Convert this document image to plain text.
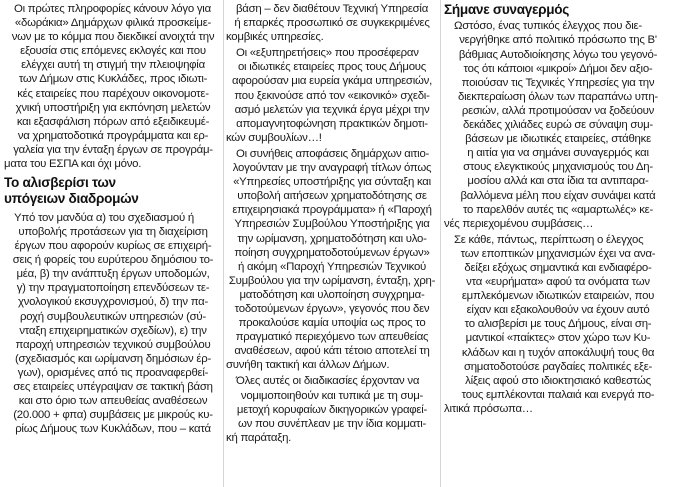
Οι πρώτες πληροφορίες κάνουν λόγο για
«δωράκια» Δημάρχων φιλικά προσκείμε-
νων με το κόμμα που διεκδικεί ανοιχτά την
εξουσία στις επόμενες εκλογές και που
ελέγχει αυτή τη στιγμή την πλειοψηφία
των Δήμων στις Κυκλάδες, προς ιδιωτι-
κές εταιρείες που παρέχουν οικονομοτε-
χνική υποστήριξη για εκπόνηση μελετών
και εξασφάλιση πόρων από εξειδικευμέ-
να χρηματοδοτικά προγράμματα και ερ-
γαλεία για την ένταξη έργων σε προγράμ-
ματα του ΕΣΠΑ και όχι μόνο.
Το αλισβερίσι των
υπόγειων διαδρομών
Υπό τον μανδύα α) του σχεδιασμού ή
υποβολής προτάσεων για τη διαχείριση
έργων που αφορούν κυρίως σε επιχειρή-
σεις ή φορείς του ευρύτερου δημόσιου το-
μέα, β) την ανάπτυξη έργων υποδομών,
γ) την πραγματοποίηση επενδύσεων τε-
χνολογικού εκσυγχρονισμού, δ) την πα-
ροχή συμβουλευτικών υπηρεσιών (σύ-
νταξη επιχειρηματικών σχεδίων), ε) την
παροχή υπηρεσιών τεχνικού συμβούλου
(σχεδιασμός και ωρίμανση δημόσιων έρ-
γων), ορισμένες από τις προαναφερθεί-
σες εταιρείες υπέγραψαν σε τακτική βάση
και στο όριο των απευθείας αναθέσεων
(20.000 + φπα) συμβάσεις με μικρούς κυ-
ρίως Δήμους των Κυκλάδων, που – κατά
βάση – δεν διαθέτουν Τεχνική Υπηρεσία
ή επαρκές προσωπικό σε συγκεκριμένες
κομβικές υπηρεσίες.
Οι «εξυπηρετήσεις» που προσέφεραν
οι ιδιωτικές εταιρείες προς τους Δήμους
αφορούσαν μια ευρεία γκάμα υπηρεσιών,
που ξεκινούσε από τον «εικονικό» σχεδι-
ασμό μελετών για τεχνικά έργα μέχρι την
απομαγνητοφώνηση πρακτικών δημοτι-
κών συμβουλίων…!
Οι συνήθεις αποφάσεις δημάρχων αιτιο-
λογούνταν με την αναγραφή τίτλων όπως
«Υπηρεσίες υποστήριξης για σύνταξη και
υποβολή αιτήσεων χρηματοδότησης σε
επιχειρησιακά προγράμματα» ή «Παροχή
Υπηρεσιών Συμβούλου Υποστήριξης για
την ωρίμανση, χρηματοδότηση και υλο-
ποίηση συγχρηματοδοτούμενων έργων»
ή ακόμη «Παροχή Υπηρεσιών Τεχνικού
Συμβούλου για την ωρίμανση, ένταξη, χρη-
ματοδότηση και υλοποίηση συγχρημα-
τοδοτούμενων έργων», γεγονός που δεν
προκαλούσε καμία υποψία ως προς το
πραγματικό περιεχόμενο των απευθείας
αναθέσεων, αφού κάτι τέτοιο αποτελεί τη
συνήθη τακτική και άλλων Δήμων.
Όλες αυτές οι διαδικασίες έρχονταν να
νομιμοποιηθούν και τυπικά με τη συμ-
μετοχή κορυφαίων δικηγορικών γραφεί-
ων που συνέπλεαν με την ίδια κομματι-
κή παράταξη.
Σήμανε συναγερμός
Ωστόσο, ένας τυπικός έλεγχος που διε-
νεργήθηκε από πολιτικό πρόσωπο της Β'
βάθμιας Αυτοδιοίκησης λόγω του γεγονό-
τος ότι κάποιοι «μικροί» Δήμοι δεν αξιο-
ποιούσαν τις Τεχνικές Υπηρεσίες για την
διεκπεραίωση όλων των παραπάνω υπη-
ρεσιών, αλλά προτιμούσαν να ξοδεύουν
δεκάδες χιλιάδες ευρώ σε σύναψη συμ-
βάσεων με ιδιωτικές εταιρείες, στάθηκε
η αιτία για να σημάνει συναγερμός και
στους ελεγκτικούς μηχανισμούς του Δη-
μοσίου αλλά και στα ίδια τα αντιπαρα-
βαλλόμενα μέλη που είχαν συνάψει κατά
το παρελθόν αυτές τις «αμαρτωλές» κε-
νές περιεχομένου συμβάσεις…
Σε κάθε, πάντως, περίπτωση ο έλεγχος
των εποπτικών μηχανισμών έχει να ανα-
δείξει εξόχως σημαντικά και ενδιαφέρο-
ντα «ευρήματα» αφού τα ονόματα των
εμπλεκόμενων ιδιωτικών εταιρειών, που
είχαν και εξακολουθούν να έχουν αυτό
το αλισβερίσι με τους Δήμους, είναι ση-
μαντικοί «παίκτες» στον χώρο των Κυ-
κλάδων και η τυχόν αποκάλυψή τους θα
σηματοδοτούσε ραγδαίες πολιτικές εξε-
λίξεις αφού στο ιδιοκτησιακό καθεστώς
τους εμπλέκονται παλαιά και ενεργά πο-
λιτικά πρόσωπα…
